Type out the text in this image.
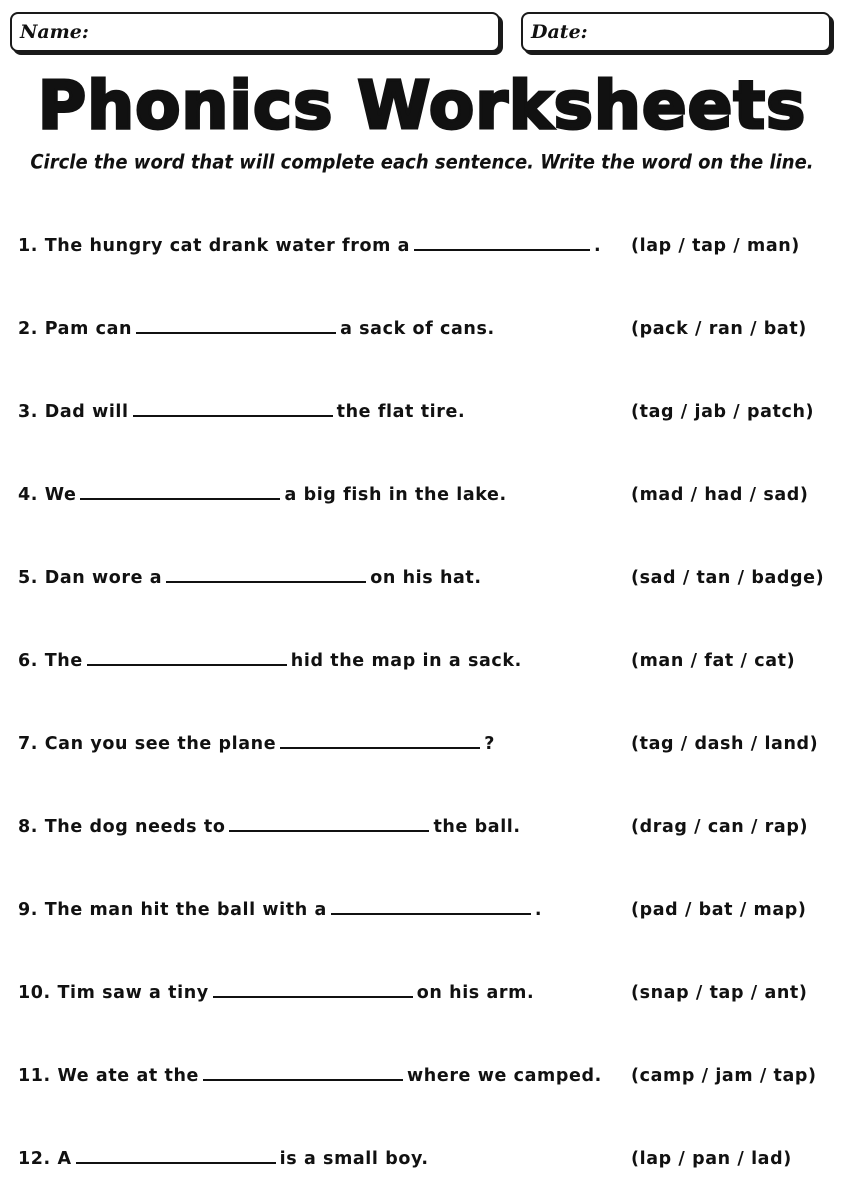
Name:	Date:
Phonics Worksheets
Circle the word that will complete each sentence. Write the word on the line.
1. The hungry cat drank water from a	. (lap / tap / man)
2. Pam can	a sack of cans.	(pack / ran / bat)
3. Dad will	the flat tire.	(tag / jab / patch)
4. We	a big fish in the lake.	(mad / had / sad)
5. Dan wore a	on his hat.	(sad / tan / badge)
6. The	hid the map in a sack.	(man / fat / cat)
7. Can you see the plane	?	(tag / dash / land)
8. The dog needs to	the ball.	(drag / can / rap)
9. The man hit the ball with a	.	(pad / bat / map)
10. Tim saw a tiny	on his arm.	(snap / tap / ant)
11. We ate at the	where we camped. (camp / jam / tap)
12. A	is a small boy.	(lap / pan / lad)
